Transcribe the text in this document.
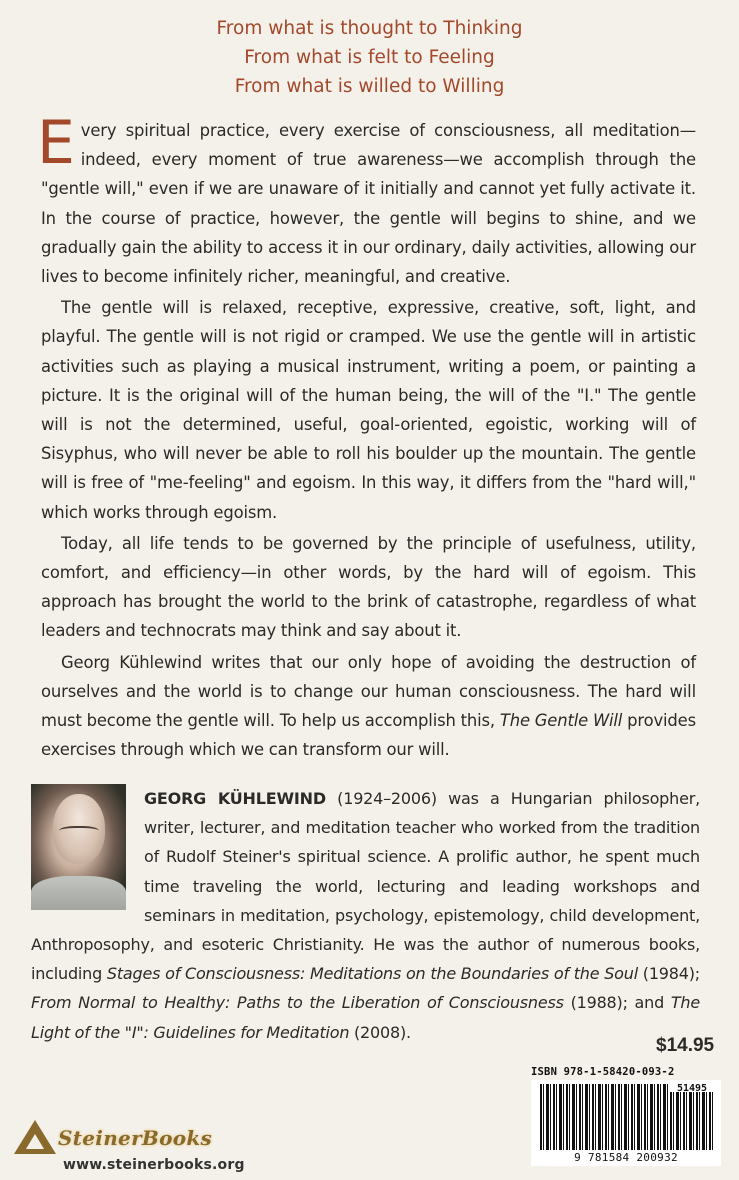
From what is thought to Thinking
From what is felt to Feeling
From what is willed to Willing

Every spiritual practice, every exercise of consciousness, all meditation—indeed, every moment of true awareness—we accomplish through the "gentle will," even if we are unaware of it initially and cannot yet fully activate it. In the course of practice, however, the gentle will begins to shine, and we gradually gain the ability to access it in our ordinary, daily activities, allowing our lives to become infinitely richer, meaningful, and creative.

The gentle will is relaxed, receptive, expressive, creative, soft, light, and playful. The gentle will is not rigid or cramped. We use the gentle will in artistic activities such as playing a musical instrument, writing a poem, or painting a picture. It is the original will of the human being, the will of the "I." The gentle will is not the determined, useful, goal-oriented, egoistic, working will of Sisyphus, who will never be able to roll his boulder up the mountain. The gentle will is free of "me-feeling" and egoism. In this way, it differs from the "hard will," which works through egoism.

Today, all life tends to be governed by the principle of usefulness, utility, comfort, and efficiency—in other words, by the hard will of egoism. This approach has brought the world to the brink of catastrophe, regardless of what leaders and technocrats may think and say about it.

Georg Kühlewind writes that our only hope of avoiding the destruction of ourselves and the world is to change our human consciousness. The hard will must become the gentle will. To help us accomplish this, The Gentle Will provides exercises through which we can transform our will.

GEORG KÜHLEWIND (1924–2006) was a Hungarian philosopher, writer, lecturer, and meditation teacher who worked from the tradition of Rudolf Steiner's spiritual science. A prolific author, he spent much time traveling the world, lecturing and leading workshops and seminars in meditation, psychology, epistemology, child development, Anthroposophy, and esoteric Christianity. He was the author of numerous books, including Stages of Consciousness: Meditations on the Boundaries of the Soul (1984); From Normal to Healthy: Paths to the Liberation of Consciousness (1988); and The Light of the "I": Guidelines for Meditation (2008).
$14.95
ISBN 978-1-58420-093-2
51495
9 781584 200932
SteinerBooks
www.steinerbooks.org
